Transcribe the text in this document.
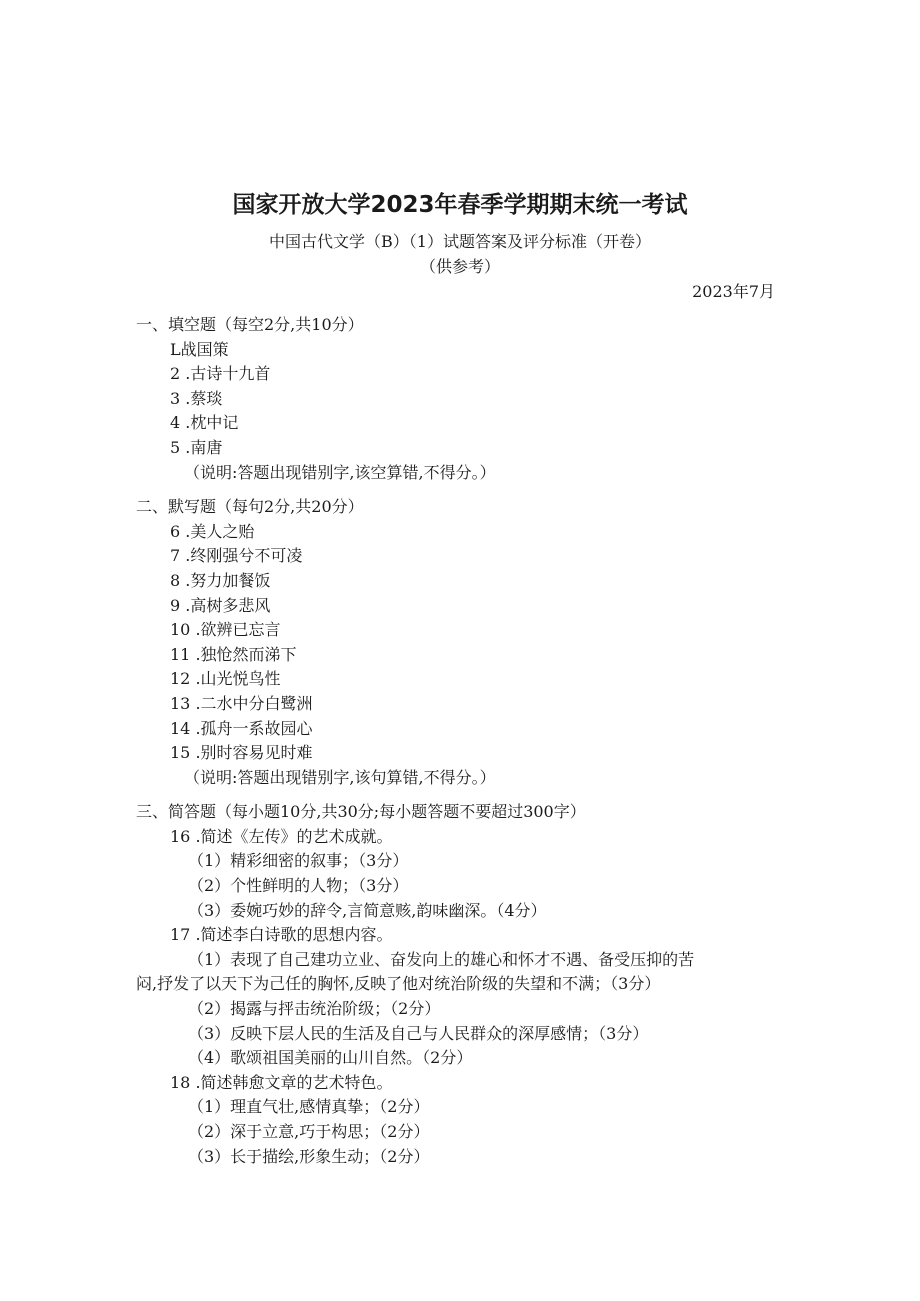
国家开放大学2023年春季学期期末统一考试
中国古代文学（B）（1）试题答案及评分标准（开卷）
（供参考）
2023年7月
一、填空题（每空2分,共10分）
L战国策
2 .古诗十九首
3 .蔡琰
4 .枕中记
5 .南唐
（说明:答题出现错别字,该空算错,不得分。）
二、默写题（每句2分,共20分）
6 .美人之贻
7 .终刚强兮不可凌
8 .努力加餐饭
9 .高树多悲风
10 .欲辨已忘言
11 .独怆然而涕下
12 .山光悦鸟性
13 .二水中分白鹭洲
14 .孤舟一系故园心
15 .别时容易见时难
（说明:答题出现错别字,该句算错,不得分。）
三、简答题（每小题10分,共30分;每小题答题不要超过300字）
16 .简述《左传》的艺术成就。
（1）精彩细密的叙事；（3分）
（2）个性鲜明的人物；（3分）
（3）委婉巧妙的辞令,言简意赅,韵味幽深。（4分）
17 .简述李白诗歌的思想内容。
（1）表现了自己建功立业、奋发向上的雄心和怀才不遇、备受压抑的苦
闷,抒发了以天下为己任的胸怀,反映了他对统治阶级的失望和不满；（3分）
（2）揭露与抨击统治阶级；（2分）
（3）反映下层人民的生活及自己与人民群众的深厚感情；（3分）
（4）歌颂祖国美丽的山川自然。（2分）
18 .简述韩愈文章的艺术特色。
（1）理直气壮,感情真挚；（2分）
（2）深于立意,巧于构思；（2分）
（3）长于描绘,形象生动；（2分）
